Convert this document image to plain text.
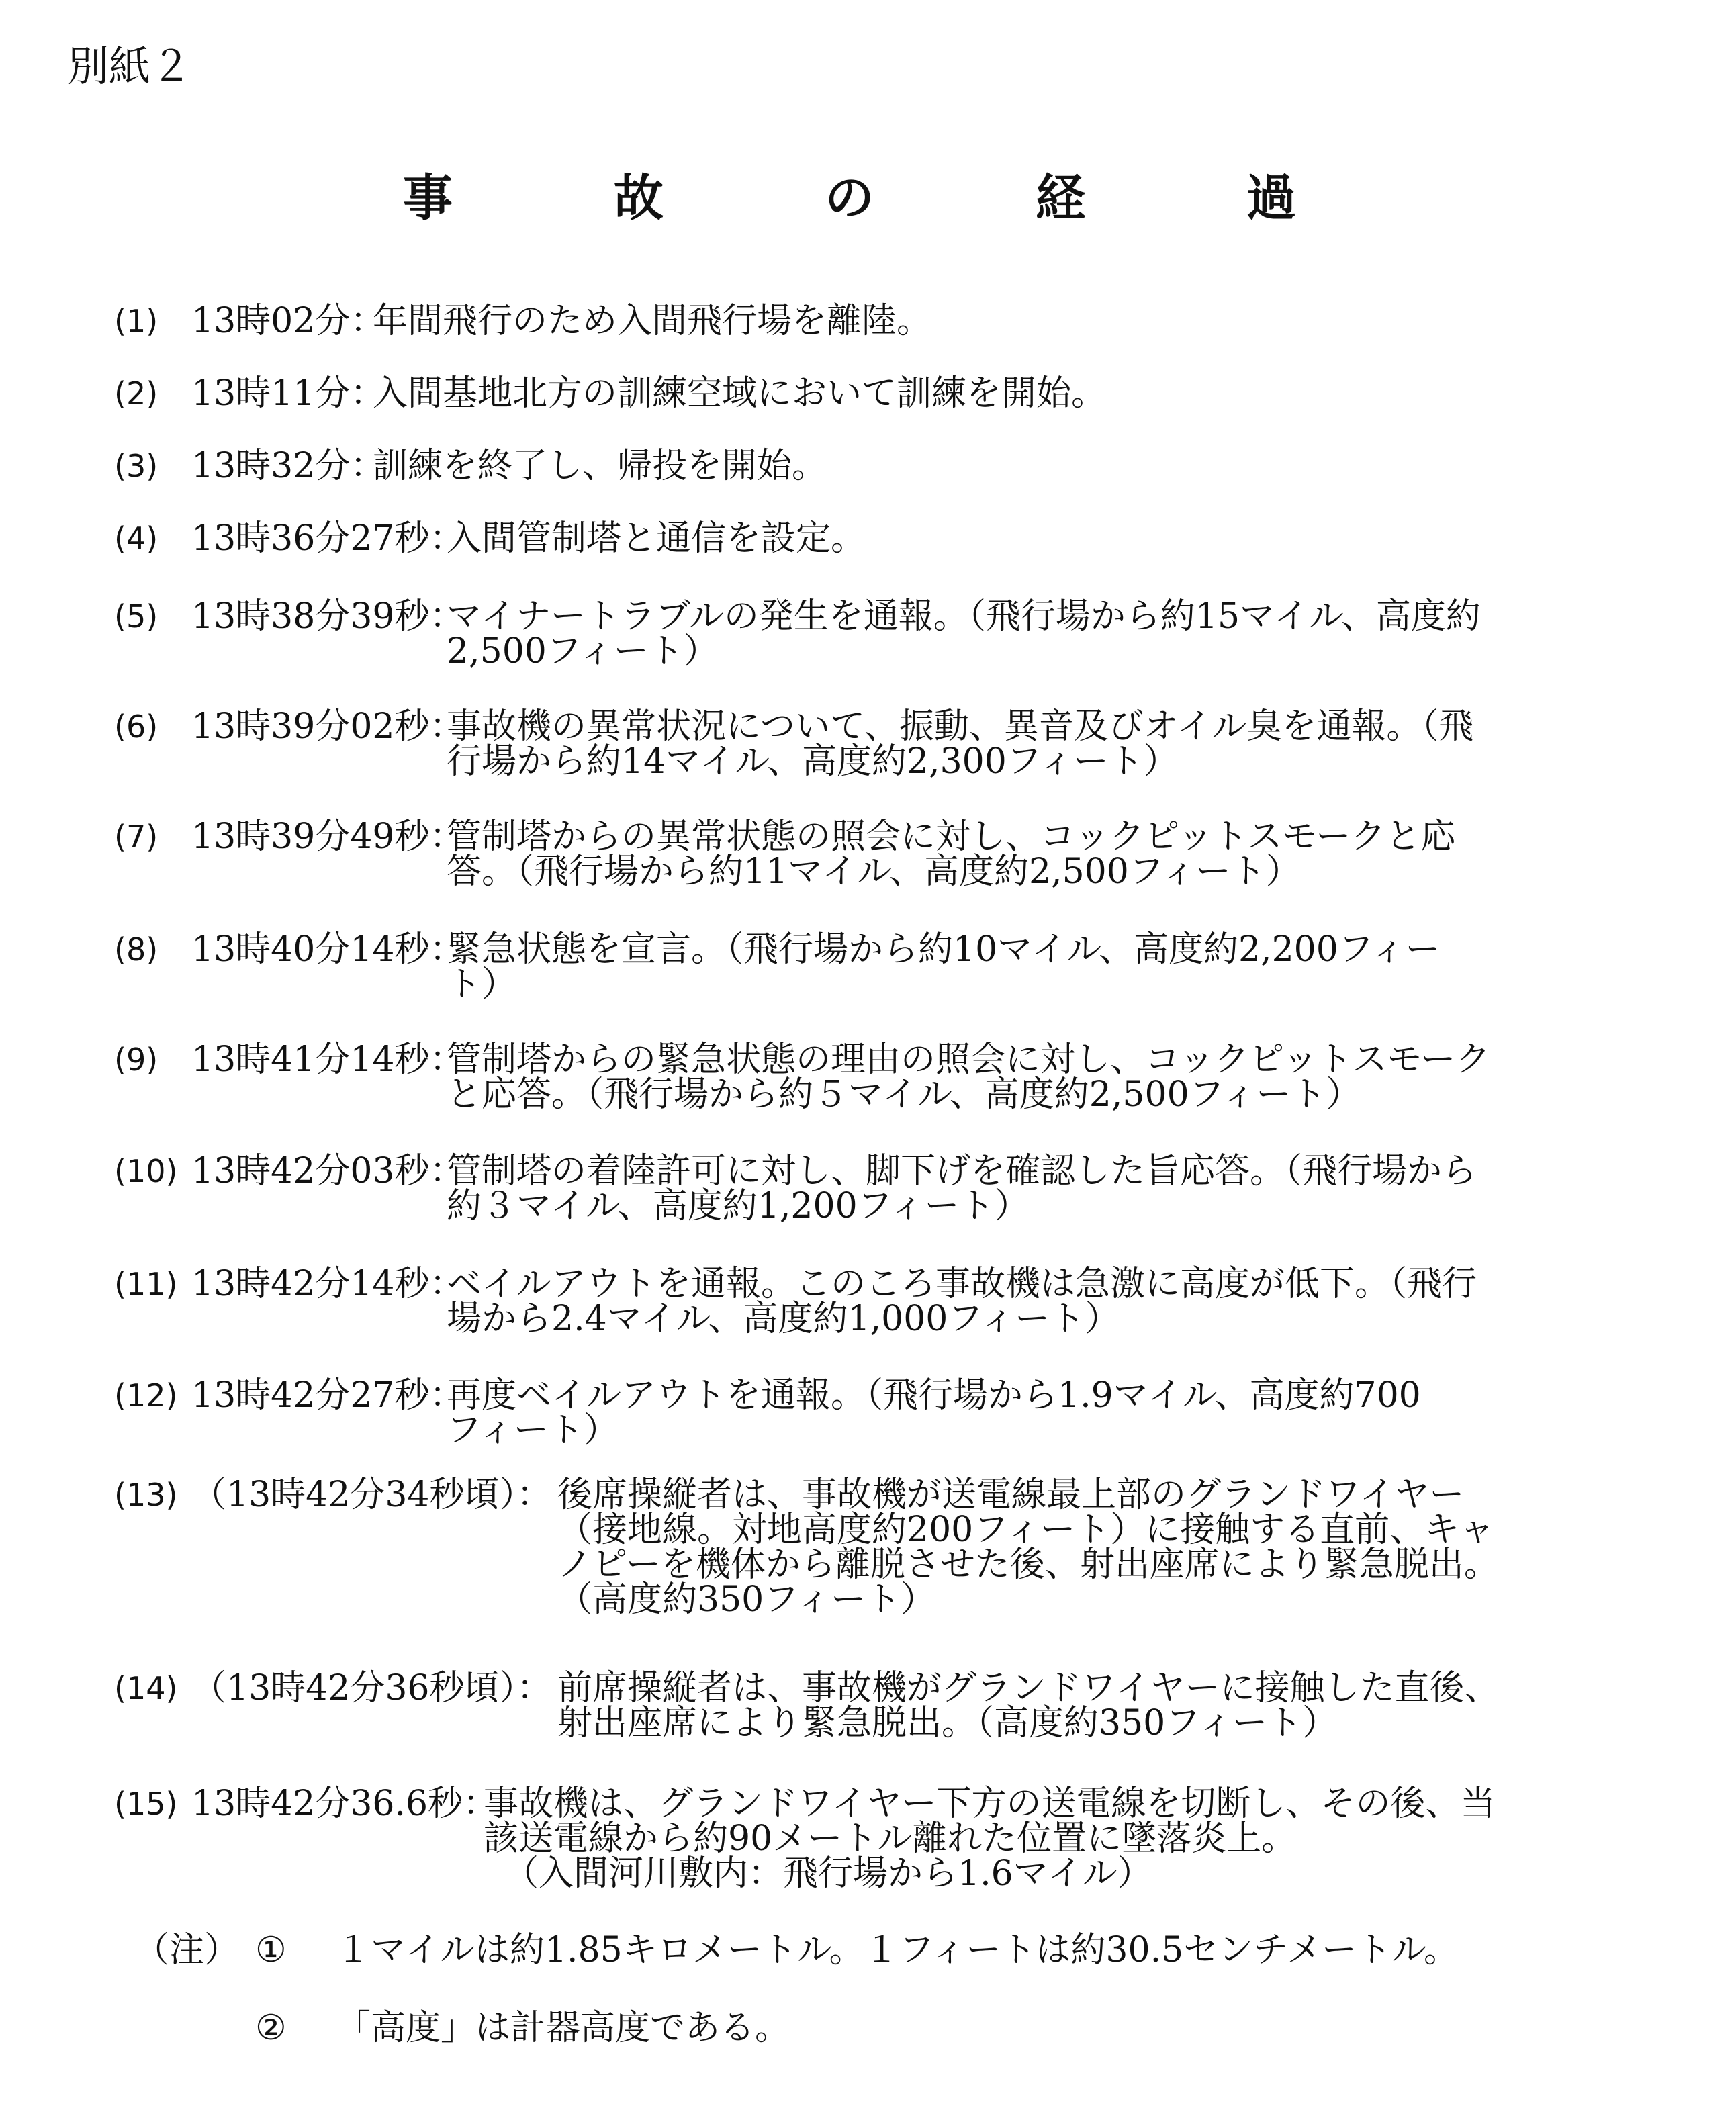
別紙２
事	故	の	経	過
(1) 13時02分：
年間飛行のため入間飛行場を離陸。
(2) 13時11分：
入間基地北方の訓練空域において訓練を開始。
(3) 13時32分：
訓練を終了し、帰投を開始。
(4) 13時36分27秒：
入間管制塔と通信を設定。
(5) 13時38分39秒：
マイナートラブルの発生を通報。（飛行場から約15マイル、高度約
2,500フィート）
(6) 13時39分02秒：
事故機の異常状況について、振動、異音及びオイル臭を通報。（飛
行場から約14マイル、高度約2,300フィート）
(7) 13時39分49秒：
管制塔からの異常状態の照会に対し、コックピットスモークと応
答。（飛行場から約11マイル、高度約2,500フィート）
(8) 13時40分14秒：
緊急状態を宣言。（飛行場から約10マイル、高度約2,200フィー
ト）
(9) 13時41分14秒：
管制塔からの緊急状態の理由の照会に対し、コックピットスモーク
と応答。（飛行場から約５マイル、高度約2,500フィート）
(10) 13時42分03秒：
管制塔の着陸許可に対し、脚下げを確認した旨応答。（飛行場から
約３マイル、高度約1,200フィート）
(11) 13時42分14秒：
ベイルアウトを通報。このころ事故機は急激に高度が低下。（飛行
場から2.4マイル、高度約1,000フィート）
(12) 13時42分27秒：
再度ベイルアウトを通報。（飛行場から1.9マイル、高度約700
フィート）
(13) （13時42分34秒頃）： 後席操縦者は、事故機が送電線最上部のグランドワイヤー
（接地線。対地高度約200フィート）に接触する直前、キャ
ノピーを機体から離脱させた後、射出座席により緊急脱出。
（高度約350フィート）
(14) （13時42分36秒頃）： 前席操縦者は、事故機がグランドワイヤーに接触した直後、
射出座席により緊急脱出。（高度約350フィート）
(15) 13時42分36.6秒：
事故機は、グランドワイヤー下方の送電線を切断し、その後、当
該送電線から約90メートル離れた位置に墜落炎上。
（入間河川敷内：飛行場から1.6マイル）
（注） ① １マイルは約1.85キロメートル。１フィートは約30.5センチメートル。
② 「高度」は計器高度である。
